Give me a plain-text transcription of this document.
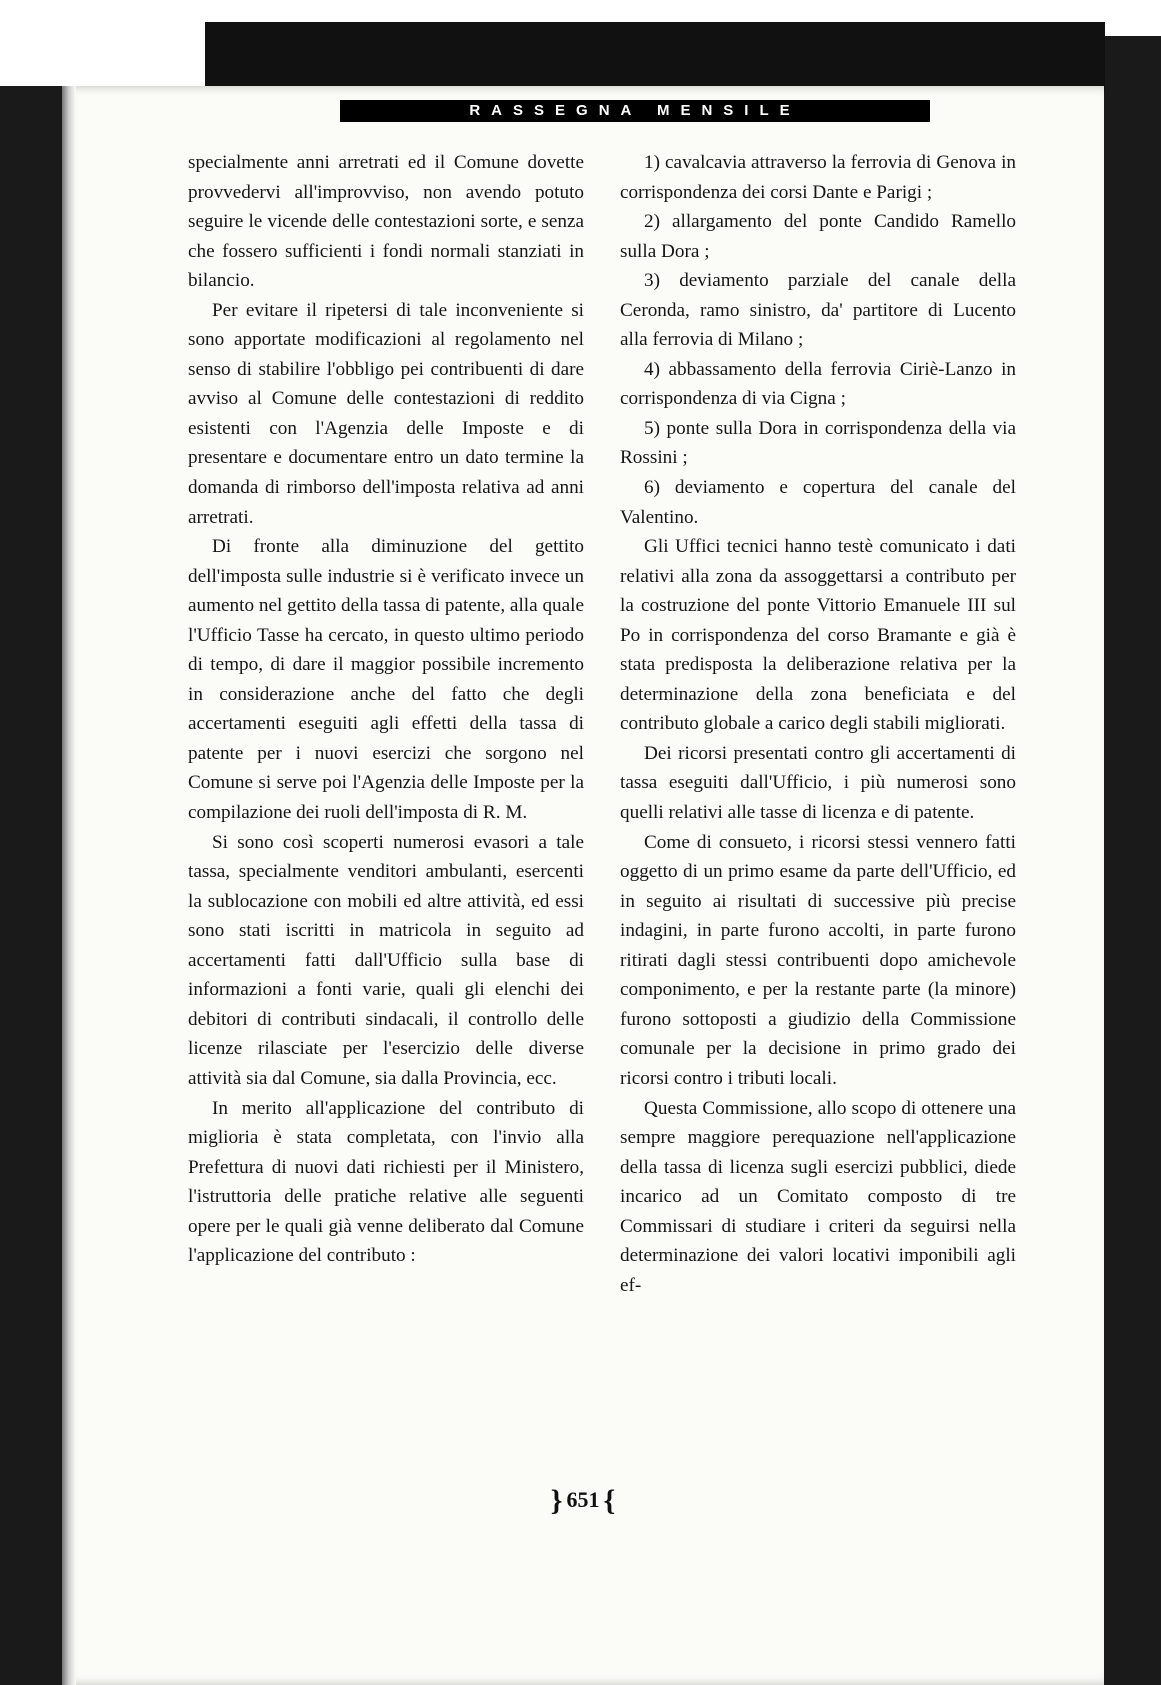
RASSEGNA MENSILE

specialmente anni arretrati ed il Comune dovette provvedervi all'improvviso, non avendo potuto seguire le vicende delle contestazioni sorte, e senza che fossero sufficienti i fondi normali stanziati in bilancio.

Per evitare il ripetersi di tale inconveniente si sono apportate modificazioni al regolamento nel senso di stabilire l'obbligo pei contribuenti di dare avviso al Comune delle contestazioni di reddito esistenti con l'Agenzia delle Imposte e di presentare e documentare entro un dato termine la domanda di rimborso dell'imposta relativa ad anni arretrati.

Di fronte alla diminuzione del gettito dell'imposta sulle industrie si è verificato invece un aumento nel gettito della tassa di patente, alla quale l'Ufficio Tasse ha cercato, in questo ultimo periodo di tempo, di dare il maggior possibile incremento in considerazione anche del fatto che degli accertamenti eseguiti agli effetti della tassa di patente per i nuovi esercizi che sorgono nel Comune si serve poi l'Agenzia delle Imposte per la compilazione dei ruoli dell'imposta di R. M.

Si sono così scoperti numerosi evasori a tale tassa, specialmente venditori ambulanti, esercenti la sublocazione con mobili ed altre attività, ed essi sono stati iscritti in matricola in seguito ad accertamenti fatti dall'Ufficio sulla base di informazioni a fonti varie, quali gli elenchi dei debitori di contributi sindacali, il controllo delle licenze rilasciate per l'esercizio delle diverse attività sia dal Comune, sia dalla Provincia, ecc.

In merito all'applicazione del contributo di miglioria è stata completata, con l'invio alla Prefettura di nuovi dati richiesti per il Ministero, l'istruttoria delle pratiche relative alle seguenti opere per le quali già venne deliberato dal Comune l'applicazione del contributo :

1) cavalcavia attraverso la ferrovia di Genova in corrispondenza dei corsi Dante e Parigi ;

2) allargamento del ponte Candido Ramello sulla Dora ;

3) deviamento parziale del canale della Ceronda, ramo sinistro, da' partitore di Lucento alla ferrovia di Milano ;

4) abbassamento della ferrovia Ciriè-Lanzo in corrispondenza di via Cigna ;

5) ponte sulla Dora in corrispondenza della via Rossini ;

6) deviamento e copertura del canale del Valentino.

Gli Uffici tecnici hanno testè comunicato i dati relativi alla zona da assoggettarsi a contributo per la costruzione del ponte Vittorio Emanuele III sul Po in corrispondenza del corso Bramante e già è stata predisposta la deliberazione relativa per la determinazione della zona beneficiata e del contributo globale a carico degli stabili migliorati.

Dei ricorsi presentati contro gli accertamenti di tassa eseguiti dall'Ufficio, i più numerosi sono quelli relativi alle tasse di licenza e di patente.

Come di consueto, i ricorsi stessi vennero fatti oggetto di un primo esame da parte dell'Ufficio, ed in seguito ai risultati di successive più precise indagini, in parte furono accolti, in parte furono ritirati dagli stessi contribuenti dopo amichevole componimento, e per la restante parte (la minore) furono sottoposti a giudizio della Commissione comunale per la decisione in primo grado dei ricorsi contro i tributi locali.

Questa Commissione, allo scopo di ottenere una sempre maggiore perequazione nell'applicazione della tassa di licenza sugli esercizi pubblici, diede incarico ad un Comitato composto di tre Commissari di studiare i criteri da seguirsi nella determinazione dei valori locativi imponibili agli ef-

} 651 {
